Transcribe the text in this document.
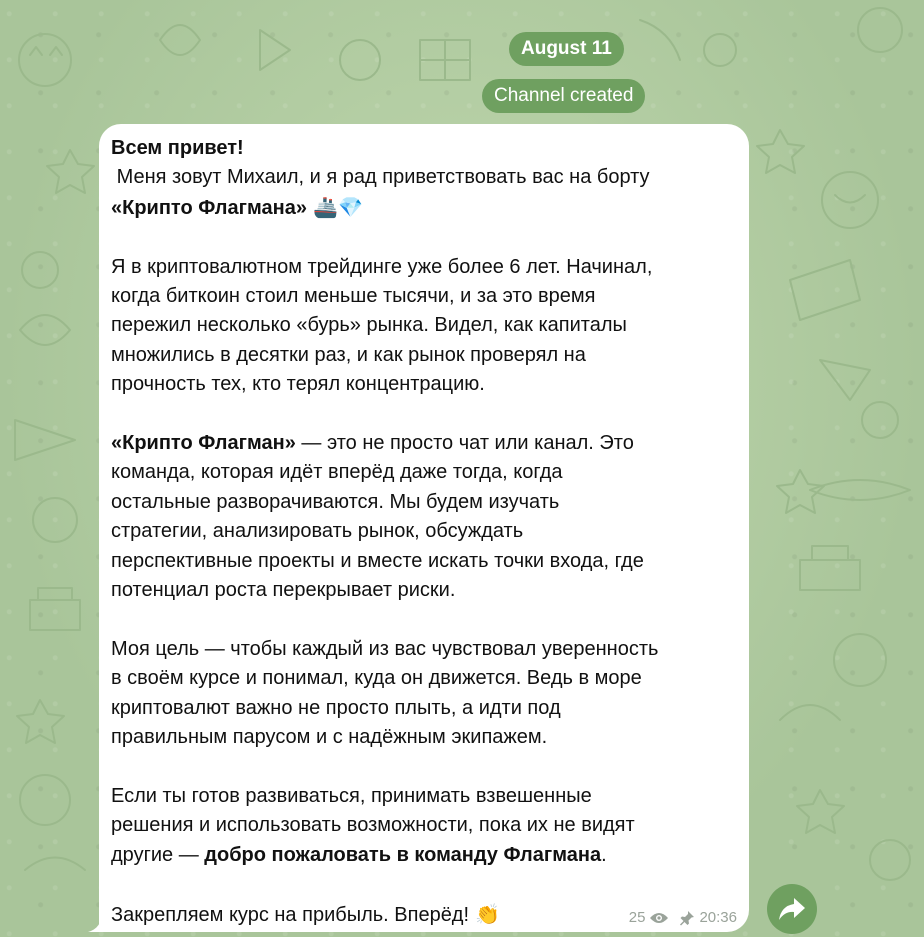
August 11
Channel created

Всем привет!
Меня зовут Михаил, и я рад приветствовать вас на борту
«Крипто Флагмана» 🚢💎

Я в криптовалютном трейдинге уже более 6 лет. Начинал,
когда биткоин стоил меньше тысячи, и за это время
пережил несколько «бурь» рынка. Видел, как капиталы
множились в десятки раз, и как рынок проверял на
прочность тех, кто терял концентрацию.

«Крипто Флагман» — это не просто чат или канал. Это
команда, которая идёт вперёд даже тогда, когда
остальные разворачиваются. Мы будем изучать
стратегии, анализировать рынок, обсуждать
перспективные проекты и вместе искать точки входа, где
потенциал роста перекрывает риски.

Моя цель — чтобы каждый из вас чувствовал уверенность
в своём курсе и понимал, куда он движется. Ведь в море
криптовалют важно не просто плыть, а идти под
правильным парусом и с надёжным экипажем.

Если ты готов развиваться, принимать взвешенные
решения и использовать возможности, пока их не видят
другие — добро пожаловать в команду Флагмана.

Закрепляем курс на прибыль. Вперёд! 👏	25	20:36
